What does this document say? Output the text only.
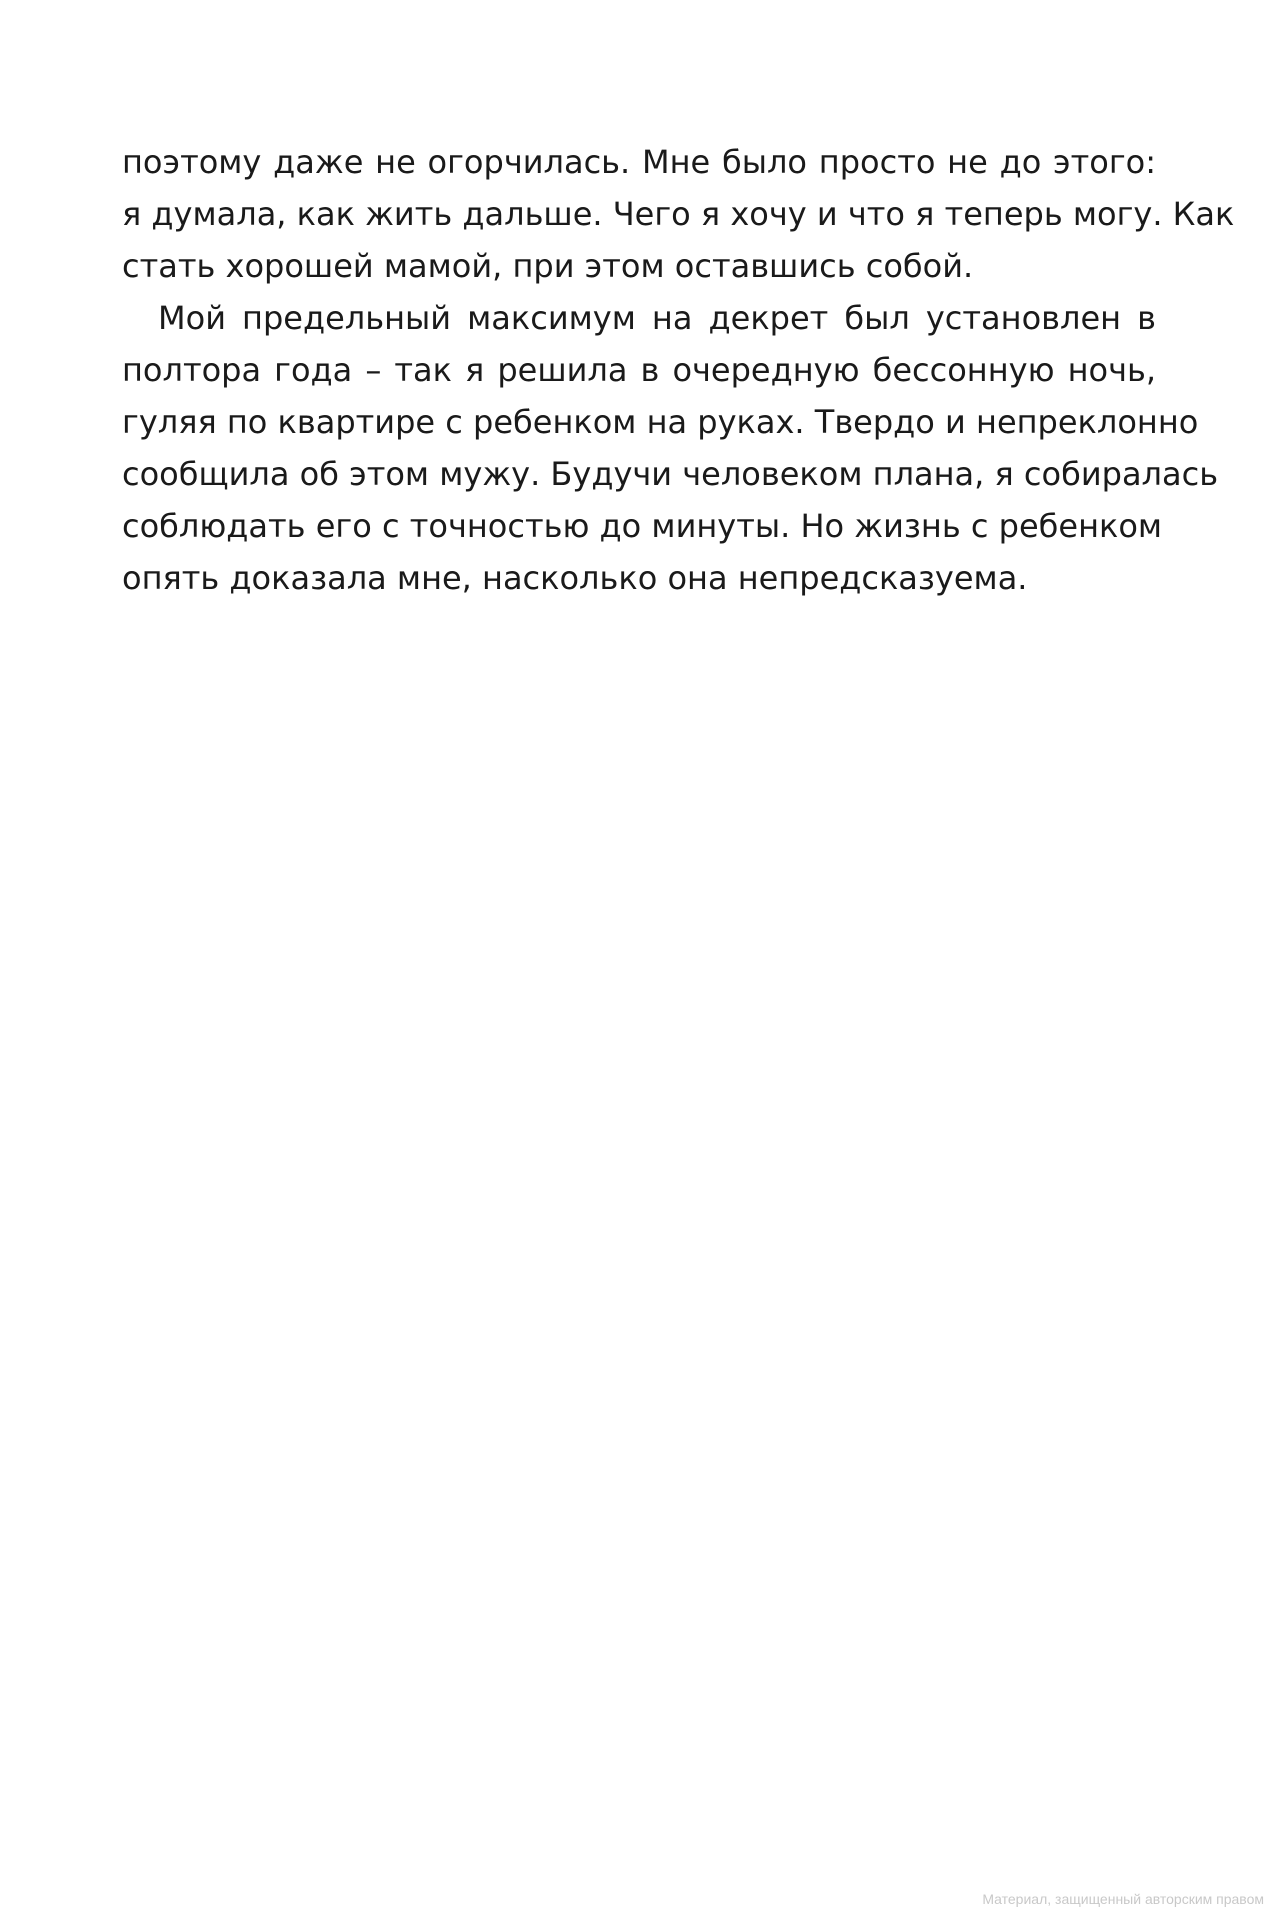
поэтому даже не огорчилась. Мне было просто не до этого:
я думала, как жить дальше. Чего я хочу и что я теперь могу. Как
стать хорошей мамой, при этом оставшись собой.
Мой предельный максимум на декрет был установлен в
полтора года – так я решила в очередную бессонную ночь,
гуляя по квартире с ребенком на руках. Твердо и непреклонно
сообщила об этом мужу. Будучи человеком плана, я собиралась
соблюдать его с точностью до минуты. Но жизнь с ребенком
опять доказала мне, насколько она непредсказуема.
Материал, защищенный авторским правом
